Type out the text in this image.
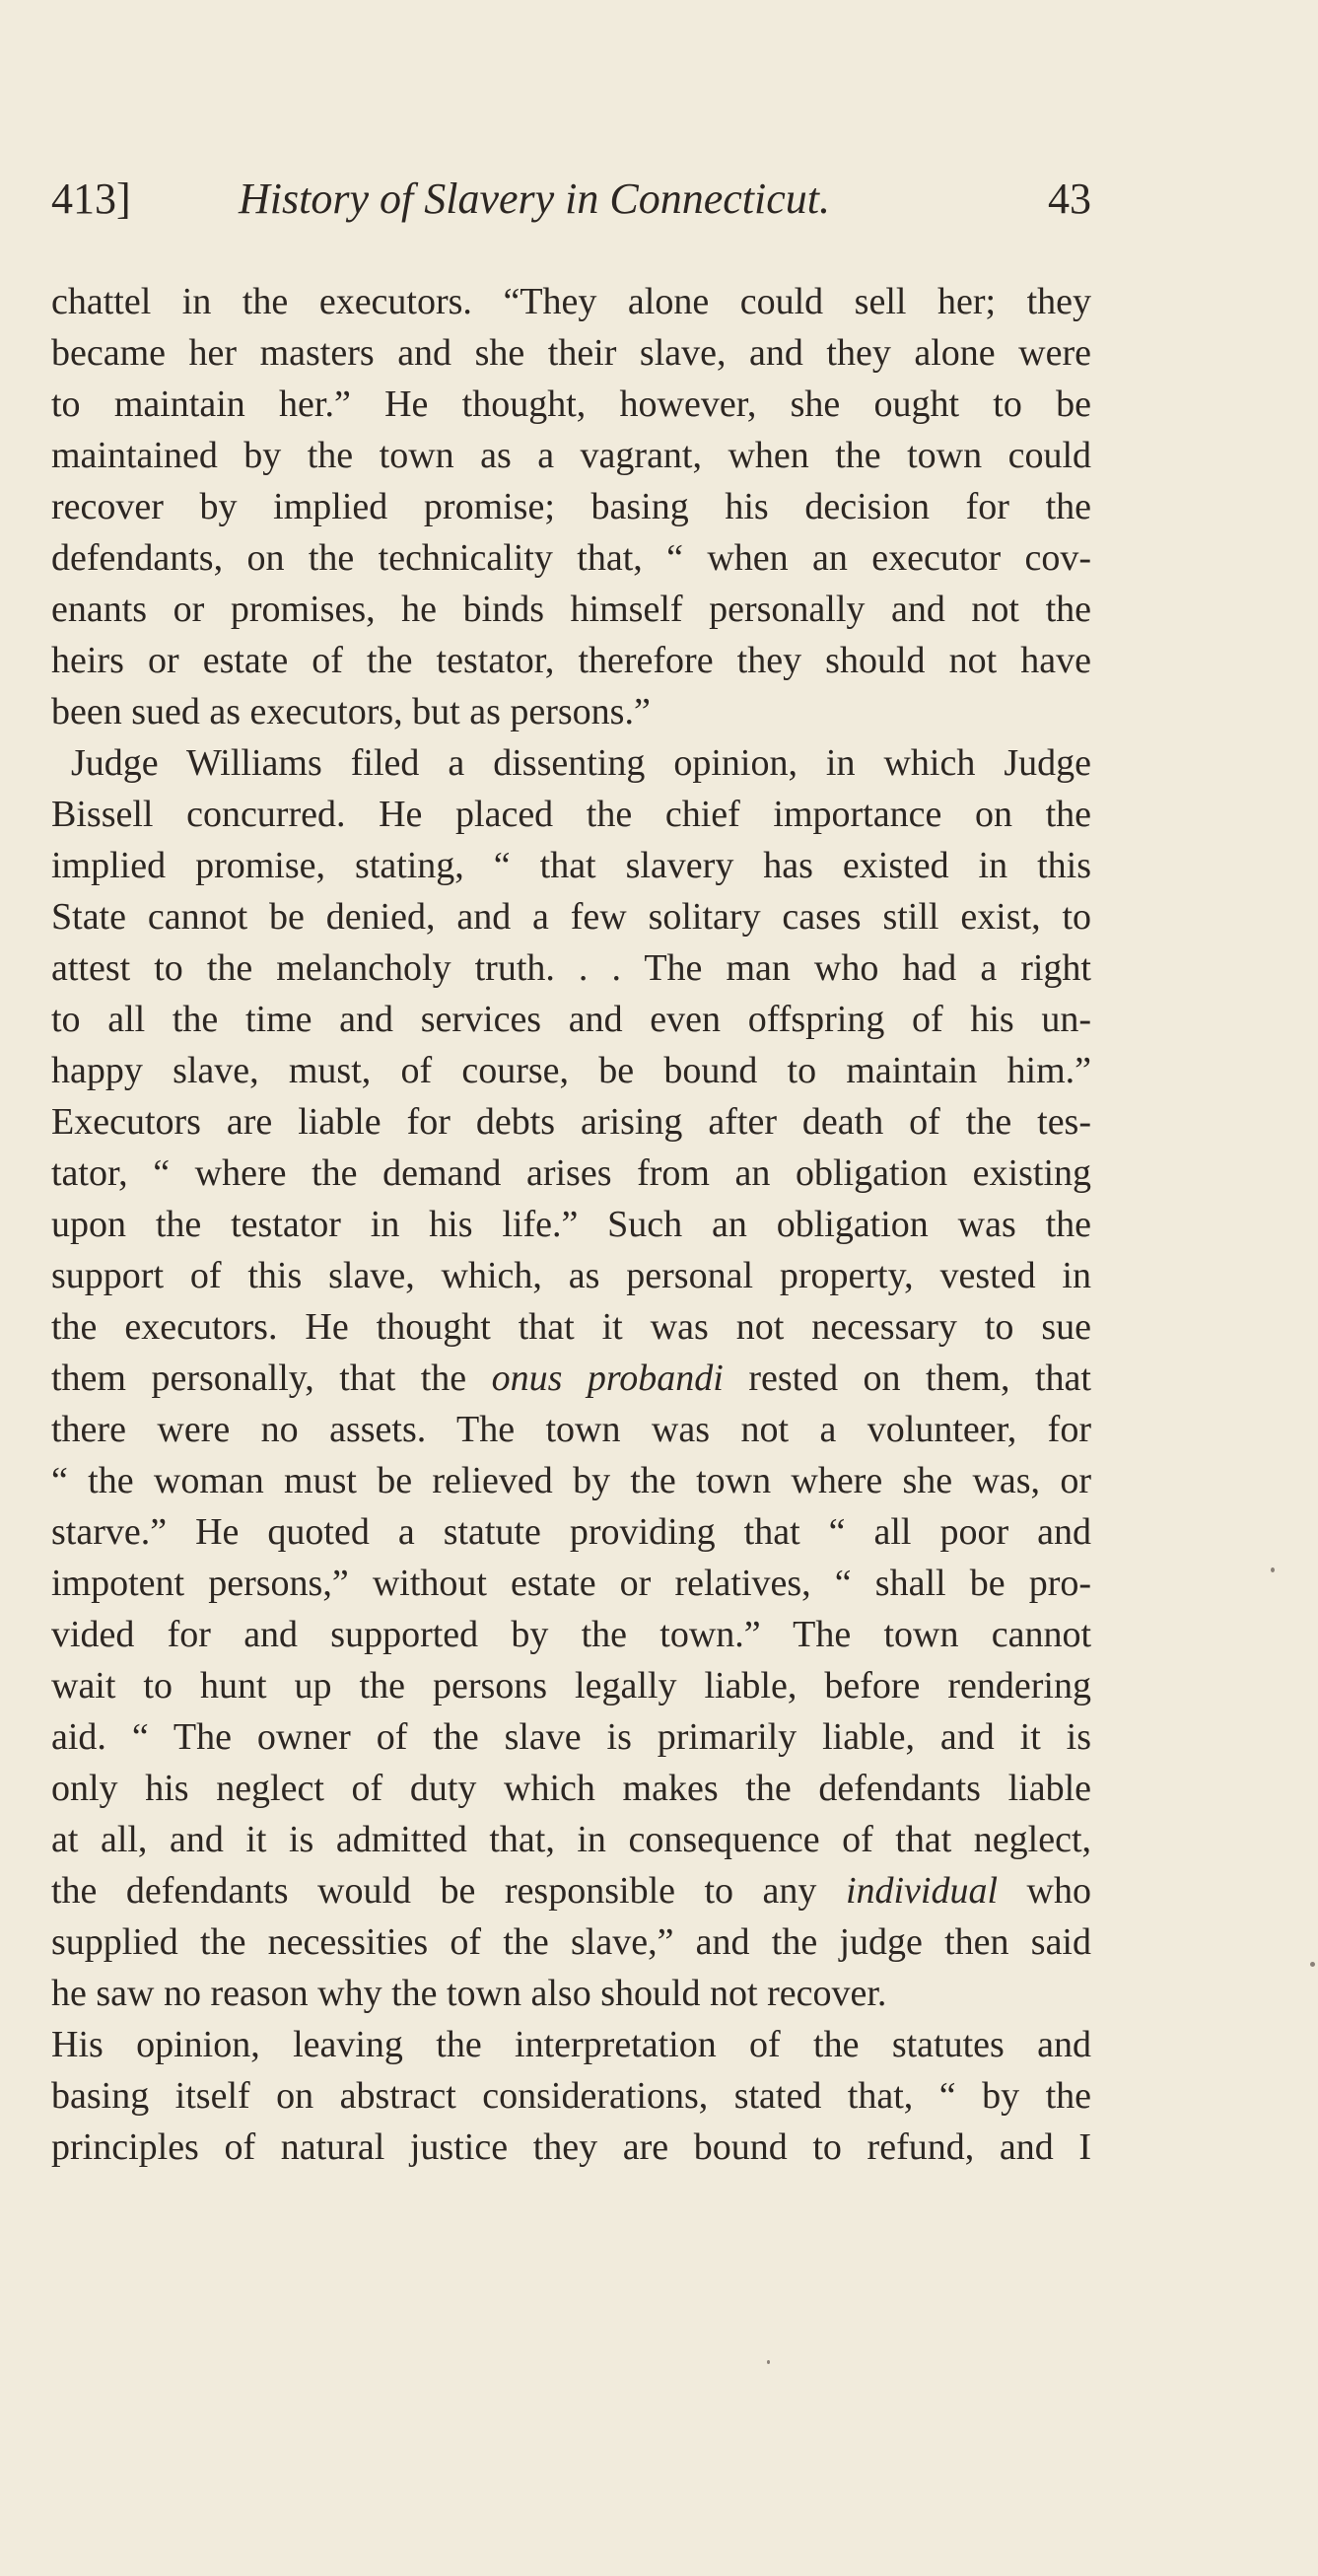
413] History of Slavery in Connecticut.	43
chattel in the executors. “They alone could sell her; they
became her masters and she their slave, and they alone were
to maintain her.” He thought, however, she ought to be
maintained by the town as a vagrant, when the town could
recover by implied promise; basing his decision for the
defendants, on the technicality that, “ when an executor cov-
enants or promises, he binds himself personally and not the
heirs or estate of the testator, therefore they should not have
been sued as executors, but as persons.”
Judge Williams filed a dissenting opinion, in which Judge
Bissell concurred. He placed the chief importance on the
implied promise, stating, “ that slavery has existed in this
State cannot be denied, and a few solitary cases still exist, to
attest to the melancholy truth. . . The man who had a right
to all the time and services and even offspring of his un-
happy slave, must, of course, be bound to maintain him.”
Executors are liable for debts arising after death of the tes-
tator, “ where the demand arises from an obligation existing
upon the testator in his life.” Such an obligation was the
support of this slave, which, as personal property, vested in
the executors. He thought that it was not necessary to sue
them personally, that the onus probandi rested on them, that
there were no assets. The town was not a volunteer, for
“ the woman must be relieved by the town where she was, or
starve.” He quoted a statute providing that “ all poor and
impotent persons,” without estate or relatives, “ shall be pro-
vided for and supported by the town.” The town cannot
wait to hunt up the persons legally liable, before rendering
aid. “ The owner of the slave is primarily liable, and it is
only his neglect of duty which makes the defendants liable
at all, and it is admitted that, in consequence of that neglect,
the defendants would be responsible to any individual who
supplied the necessities of the slave,” and the judge then said
he saw no reason why the town also should not recover.
His opinion, leaving the interpretation of the statutes and
basing itself on abstract considerations, stated that, “ by the
principles of natural justice they are bound to refund, and I
